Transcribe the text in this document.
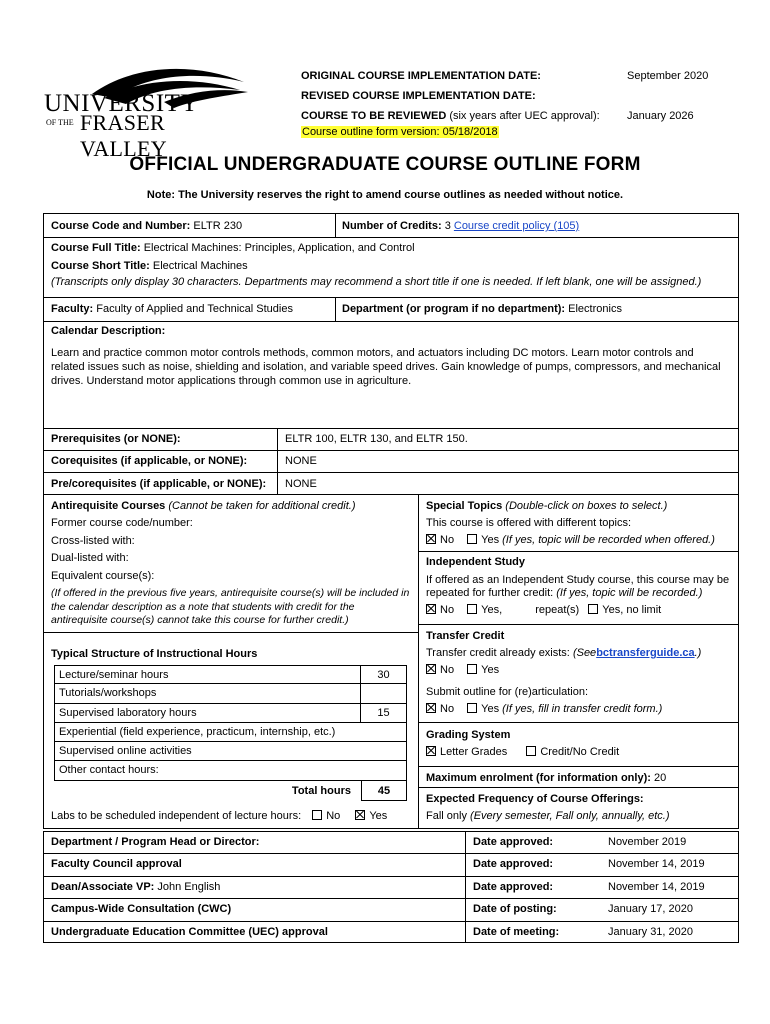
UNIVERSITY
OF THE FRASER VALLEY
ORIGINAL COURSE IMPLEMENTATION DATE:	September 2020
REVISED COURSE IMPLEMENTATION DATE:
COURSE TO BE REVIEWED (six years after UEC approval): January 2026
Course outline form version: 05/18/2018
OFFICIAL UNDERGRADUATE COURSE OUTLINE FORM
Note: The University reserves the right to amend course outlines as needed without notice.
Course Code and Number: ELTR 230	Number of Credits: 3 Course credit policy (105)
Course Full Title: Electrical Machines: Principles, Application, and Control
Course Short Title: Electrical Machines
(Transcripts only display 30 characters. Departments may recommend a short title if one is needed. If left blank, one will be assigned.)
Faculty: Faculty of Applied and Technical Studies	Department (or program if no department): Electronics
Calendar Description:
Learn and practice common motor controls methods, common motors, and actuators including DC motors. Learn motor controls and related issues such as noise, shielding and isolation, and variable speed drives. Gain knowledge of pumps, compressors, and mechanical drives. Understand motor applications through common use in agriculture.
Prerequisites (or NONE):	ELTR 100, ELTR 130, and ELTR 150.
Corequisites (if applicable, or NONE):	NONE
Pre/corequisites (if applicable, or NONE): NONE
Antirequisite Courses (Cannot be taken for additional credit.)
Former course code/number:
Cross-listed with:
Dual-listed with:
Equivalent course(s):
(If offered in the previous five years, antirequisite course(s) will be included in the calendar description as a note that students with credit for the antirequisite course(s) cannot take this course for further credit.)
Typical Structure of Instructional Hours
Lecture/seminar hours	30
Tutorials/workshops
Supervised laboratory hours	15
Experiential (field experience, practicum, internship, etc.)
Supervised online activities
Other contact hours:
Total hours	45
Labs to be scheduled independent of lecture hours: No	Yes
Special Topics (Double-click on boxes to select.)
This course is offered with different topics:
No Yes (If yes, topic will be recorded when offered.)
Independent Study
If offered as an Independent Study course, this course may be repeated for further credit: (If yes, topic will be recorded.)
No Yes,	repeat(s) Yes, no limit
Transfer Credit
Transfer credit already exists: (Seebctransferguide.ca.)
No Yes
Submit outline for (re)articulation:
No Yes (If yes, fill in transfer credit form.)
Grading System
Letter Grades	Credit/No Credit
Maximum enrolment (for information only): 20
Expected Frequency of Course Offerings:
Fall only (Every semester, Fall only, annually, etc.)
Department / Program Head or Director:	Date approved:	November 2019
Faculty Council approval	Date approved:	November 14, 2019
Dean/Associate VP: John English	Date approved:	November 14, 2019
Campus-Wide Consultation (CWC)	Date of posting:	January 17, 2020
Undergraduate Education Committee (UEC) approval	Date of meeting:	January 31, 2020
